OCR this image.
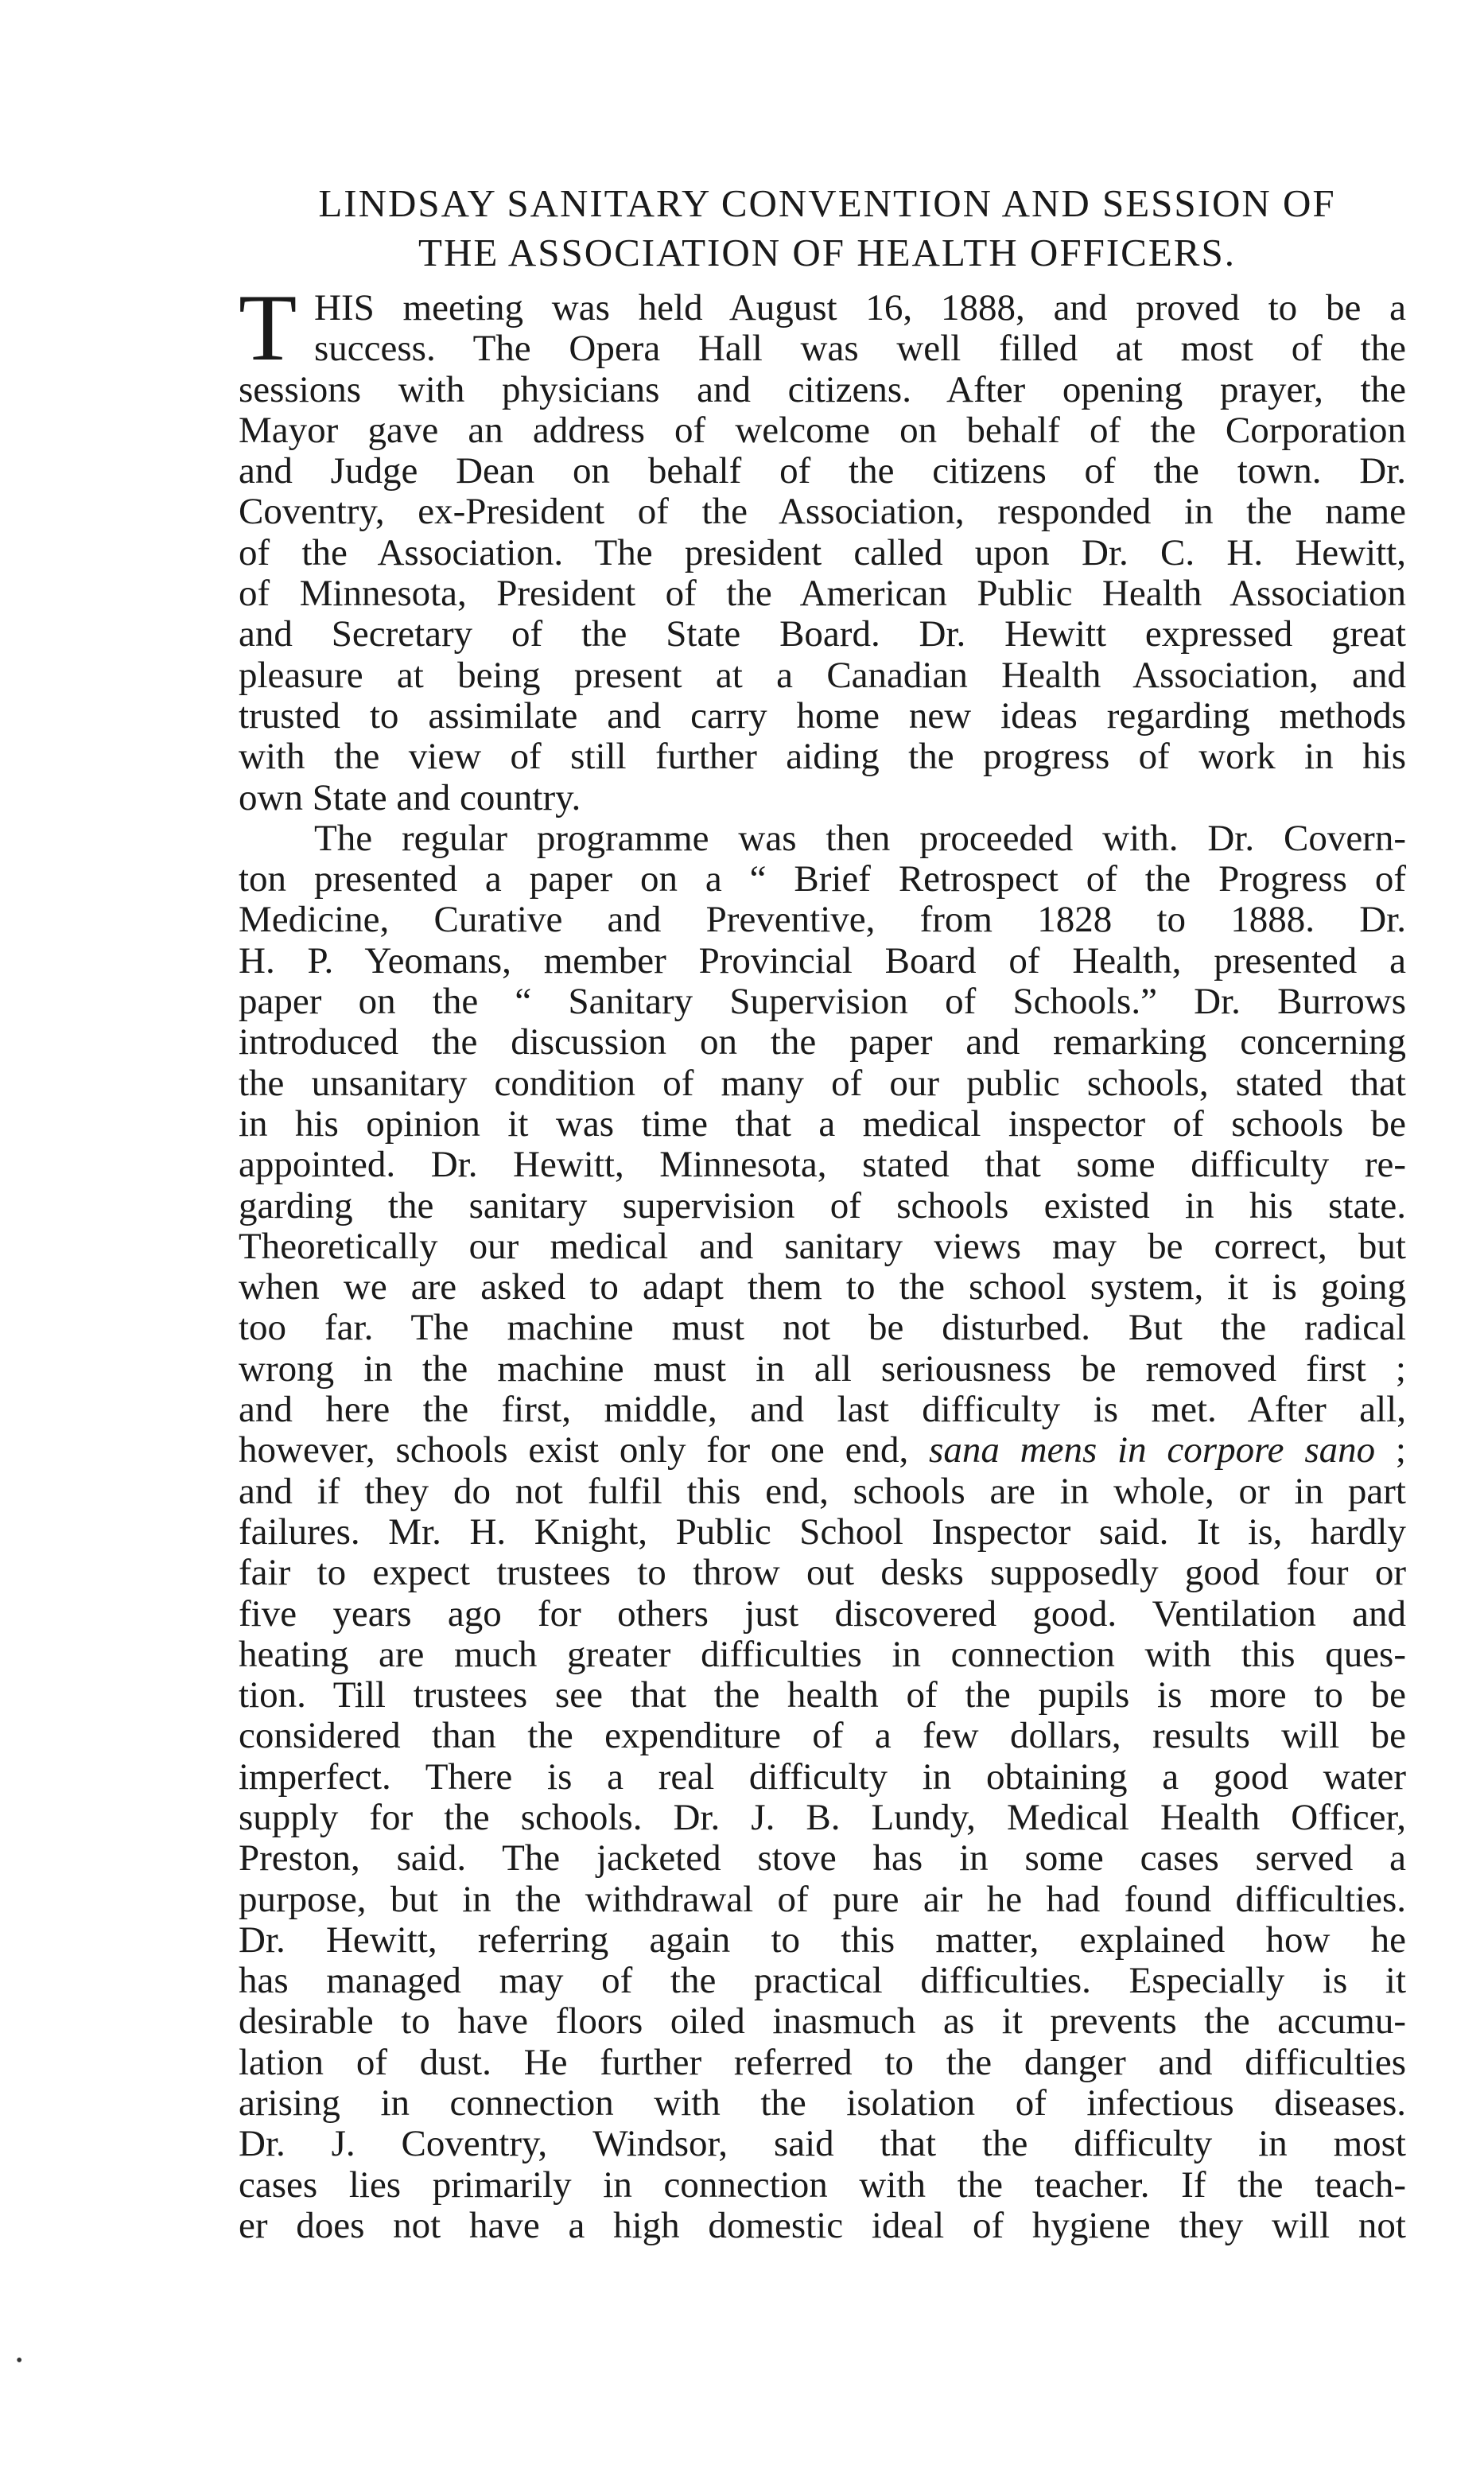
LINDSAY SANITARY CONVENTION AND SESSION OF
THE ASSOCIATION OF HEALTH OFFICERS.
T HIS meeting was held August 16, 1888, and proved to be a
success. The Opera Hall was well filled at most of the
sessions with physicians and citizens. After opening prayer, the
Mayor gave an address of welcome on behalf of the Corporation
and Judge Dean on behalf of the citizens of the town. Dr.
Coventry, ex-President of the Association, responded in the name
of the Association. The president called upon Dr. C. H. Hewitt,
of Minnesota, President of the American Public Health Association
and Secretary of the State Board. Dr. Hewitt expressed great
pleasure at being present at a Canadian Health Association, and
trusted to assimilate and carry home new ideas regarding methods
with the view of still further aiding the progress of work in his
own State and country.

The regular programme was then proceeded with. Dr. Covern-
ton presented a paper on a “ Brief Retrospect of the Progress of
Medicine, Curative and Preventive, from 1828 to 1888. Dr.
H. P. Yeomans, member Provincial Board of Health, presented a
paper on the “ Sanitary Supervision of Schools.” Dr. Burrows
introduced the discussion on the paper and remarking concerning
the unsanitary condition of many of our public schools, stated that
in his opinion it was time that a medical inspector of schools be
appointed. Dr. Hewitt, Minnesota, stated that some difficulty re-
garding the sanitary supervision of schools existed in his state.
Theoretically our medical and sanitary views may be correct, but
when we are asked to adapt them to the school system, it is going
too far. The machine must not be disturbed. But the radical
wrong in the machine must in all seriousness be removed first ;
and here the first, middle, and last difficulty is met. After all,
however, schools exist only for one end, sana mens in corpore sano ;
and if they do not fulfil this end, schools are in whole, or in part
failures. Mr. H. Knight, Public School Inspector said. It is, hardly
fair to expect trustees to throw out desks supposedly good four or
five years ago for others just discovered good. Ventilation and
heating are much greater difficulties in connection with this ques-
tion. Till trustees see that the health of the pupils is more to be
considered than the expenditure of a few dollars, results will be
imperfect. There is a real difficulty in obtaining a good water
supply for the schools. Dr. J. B. Lundy, Medical Health Officer,
Preston, said. The jacketed stove has in some cases served a
purpose, but in the withdrawal of pure air he had found difficulties.
Dr. Hewitt, referring again to this matter, explained how he
has managed may of the practical difficulties. Especially is it
desirable to have floors oiled inasmuch as it prevents the accumu-
lation of dust. He further referred to the danger and difficulties
arising in connection with the isolation of infectious diseases.
Dr. J. Coventry, Windsor, said that the difficulty in most
cases lies primarily in connection with the teacher. If the teach-
er does not have a high domestic ideal of hygiene they will not

•
